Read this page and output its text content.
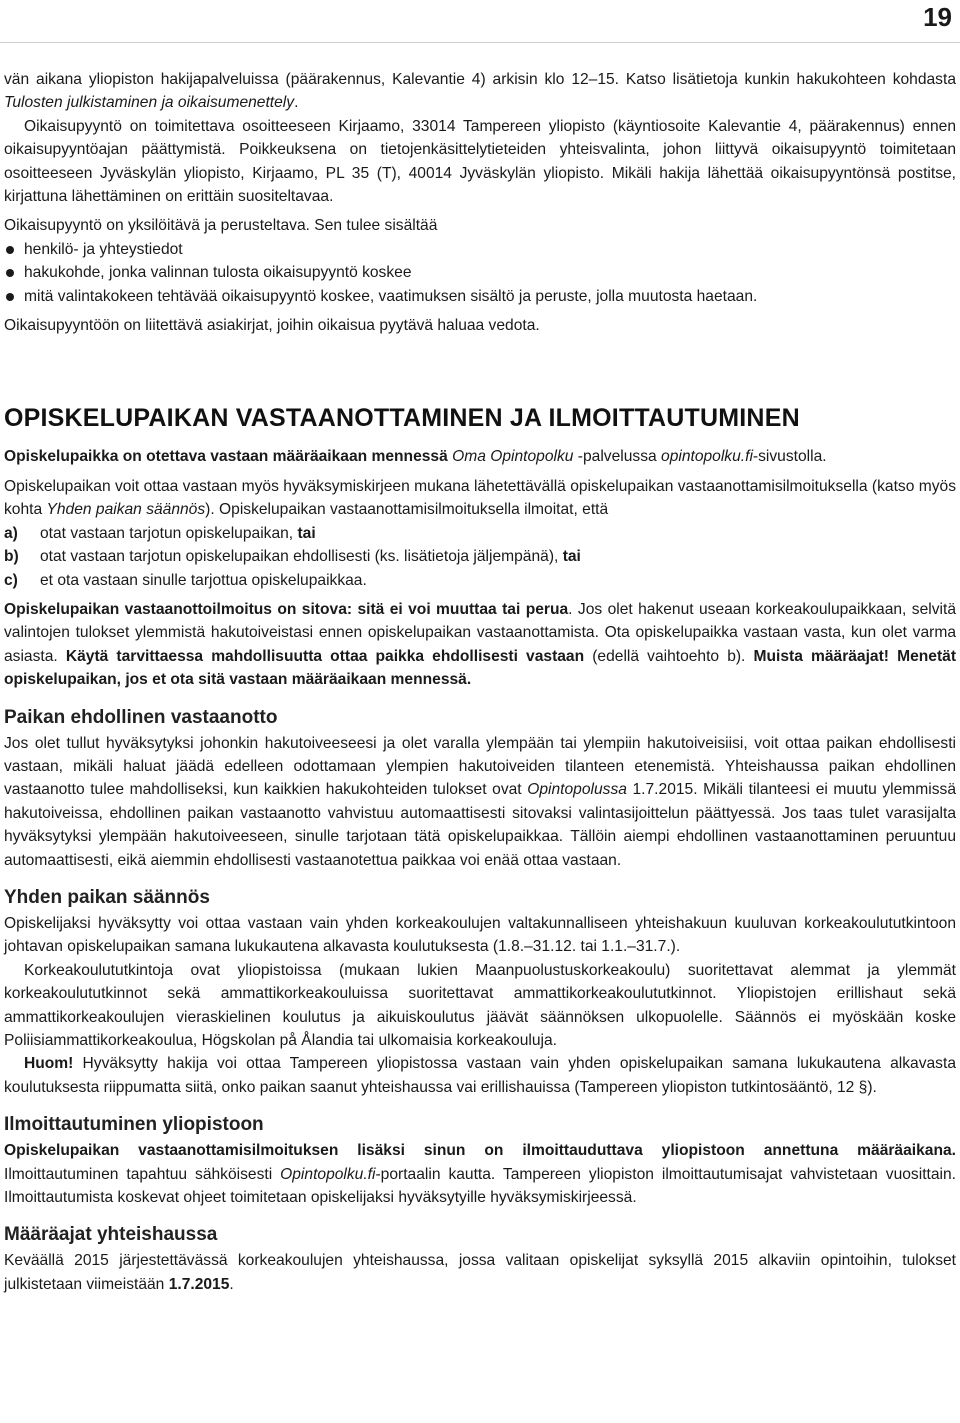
19

vän aikana yliopiston hakijapalveluissa (päärakennus, Kalevantie 4) arkisin klo 12–15. Katso lisätietoja kunkin hakukohteen kohdasta Tulosten julkistaminen ja oikaisumenettely.

Oikaisupyyntö on toimitettava osoitteeseen Kirjaamo, 33014 Tampereen yliopisto (käyntiosoite Kalevantie 4, päärakennus) ennen oikaisupyyntöajan päättymistä. Poikkeuksena on tietojenkäsittelytieteiden yhteisvalinta, johon liittyvä oikaisupyyntö toimitetaan osoitteeseen Jyväskylän yliopisto, Kirjaamo, PL 35 (T), 40014 Jyväskylän yliopisto. Mikäli hakija lähettää oikaisupyyntönsä postitse, kirjattuna lähettäminen on erittäin suositeltavaa.

Oikaisupyyntö on yksilöitävä ja perusteltava. Sen tulee sisältää

henkilö- ja yhteystiedot
hakukohde, jonka valinnan tulosta oikaisupyyntö koskee
mitä valintakokeen tehtävää oikaisupyyntö koskee, vaatimuksen sisältö ja peruste, jolla muutosta haetaan.

Oikaisupyyntöön on liitettävä asiakirjat, joihin oikaisua pyytävä haluaa vedota.

OPISKELUPAIKAN VASTAANOTTAMINEN JA ILMOITTAUTUMINEN

Opiskelupaikka on otettava vastaan määräaikaan mennessä Oma Opintopolku -palvelussa opintopolku.fi-sivustolla.

Opiskelupaikan voit ottaa vastaan myös hyväksymiskirjeen mukana lähetettävällä opiskelupaikan vastaanottamisilmoituksella (katso myös kohta Yhden paikan säännös). Opiskelupaikan vastaanottamisilmoituksella ilmoitat, että

a)	otat vastaan tarjotun opiskelupaikan, tai
b)	otat vastaan tarjotun opiskelupaikan ehdollisesti (ks. lisätietoja jäljempänä), tai
c)	et ota vastaan sinulle tarjottua opiskelupaikkaa.

Opiskelupaikan vastaanottoilmoitus on sitova: sitä ei voi muuttaa tai perua. Jos olet hakenut useaan korkeakoulupaikkaan, selvitä valintojen tulokset ylemmistä hakutoiveistasi ennen opiskelupaikan vastaanottamista. Ota opiskelupaikka vastaan vasta, kun olet varma asiasta. Käytä tarvittaessa mahdollisuutta ottaa paikka ehdollisesti vastaan (edellä vaihtoehto b). Muista määräajat! Menetät opiskelupaikan, jos et ota sitä vastaan määräaikaan mennessä.

Paikan ehdollinen vastaanotto

Jos olet tullut hyväksytyksi johonkin hakutoiveeseesi ja olet varalla ylempään tai ylempiin hakutoiveisiisi, voit ottaa paikan ehdollisesti vastaan, mikäli haluat jäädä edelleen odottamaan ylempien hakutoiveiden tilanteen etenemistä. Yhteishaussa paikan ehdollinen vastaanotto tulee mahdolliseksi, kun kaikkien hakukohteiden tulokset ovat Opintopolussa 1.7.2015. Mikäli tilanteesi ei muutu ylemmissä hakutoiveissa, ehdollinen paikan vastaanotto vahvistuu automaattisesti sitovaksi valintasijoittelun päättyessä. Jos taas tulet varasijalta hyväksytyksi ylempään hakutoiveeseen, sinulle tarjotaan tätä opiskelupaikkaa. Tällöin aiempi ehdollinen vastaanottaminen peruuntuu automaattisesti, eikä aiemmin ehdollisesti vastaanotettua paikkaa voi enää ottaa vastaan.

Yhden paikan säännös

Opiskelijaksi hyväksytty voi ottaa vastaan vain yhden korkeakoulujen valtakunnalliseen yhteishakuun kuuluvan korkeakoulututkintoon johtavan opiskelupaikan samana lukukautena alkavasta koulutuksesta (1.8.–31.12. tai 1.1.–31.7.).

Korkeakoulututkintoja ovat yliopistoissa (mukaan lukien Maanpuolustuskorkeakoulu) suoritettavat alemmat ja ylemmät korkeakoulututkinnot sekä ammattikorkeakouluissa suoritettavat ammattikorkeakoulututkinnot. Yliopistojen erillishaut sekä ammattikorkeakoulujen vieraskielinen koulutus ja aikuiskoulutus jäävät säännöksen ulkopuolelle. Säännös ei myöskään koske Poliisiammattikorkeakoulua, Högskolan på Ålandia tai ulkomaisia korkeakouluja.

Huom! Hyväksytty hakija voi ottaa Tampereen yliopistossa vastaan vain yhden opiskelupaikan samana lukukautena alkavasta koulutuksesta riippumatta siitä, onko paikan saanut yhteishaussa vai erillishauissa (Tampereen yliopiston tutkintosääntö, 12 §).

Ilmoittautuminen yliopistoon

Opiskelupaikan vastaanottamisilmoituksen lisäksi sinun on ilmoittauduttava yliopistoon annettuna määräaikana. Ilmoittautuminen tapahtuu sähköisesti Opintopolku.fi-portaalin kautta. Tampereen yliopiston ilmoittautumisajat vahvistetaan vuosittain. Ilmoittautumista koskevat ohjeet toimitetaan opiskelijaksi hyväksytyille hyväksymiskirjeessä.

Määräajat yhteishaussa

Keväällä 2015 järjestettävässä korkeakoulujen yhteishaussa, jossa valitaan opiskelijat syksyllä 2015 alkaviin opintoihin, tulokset julkistetaan viimeistään 1.7.2015.
